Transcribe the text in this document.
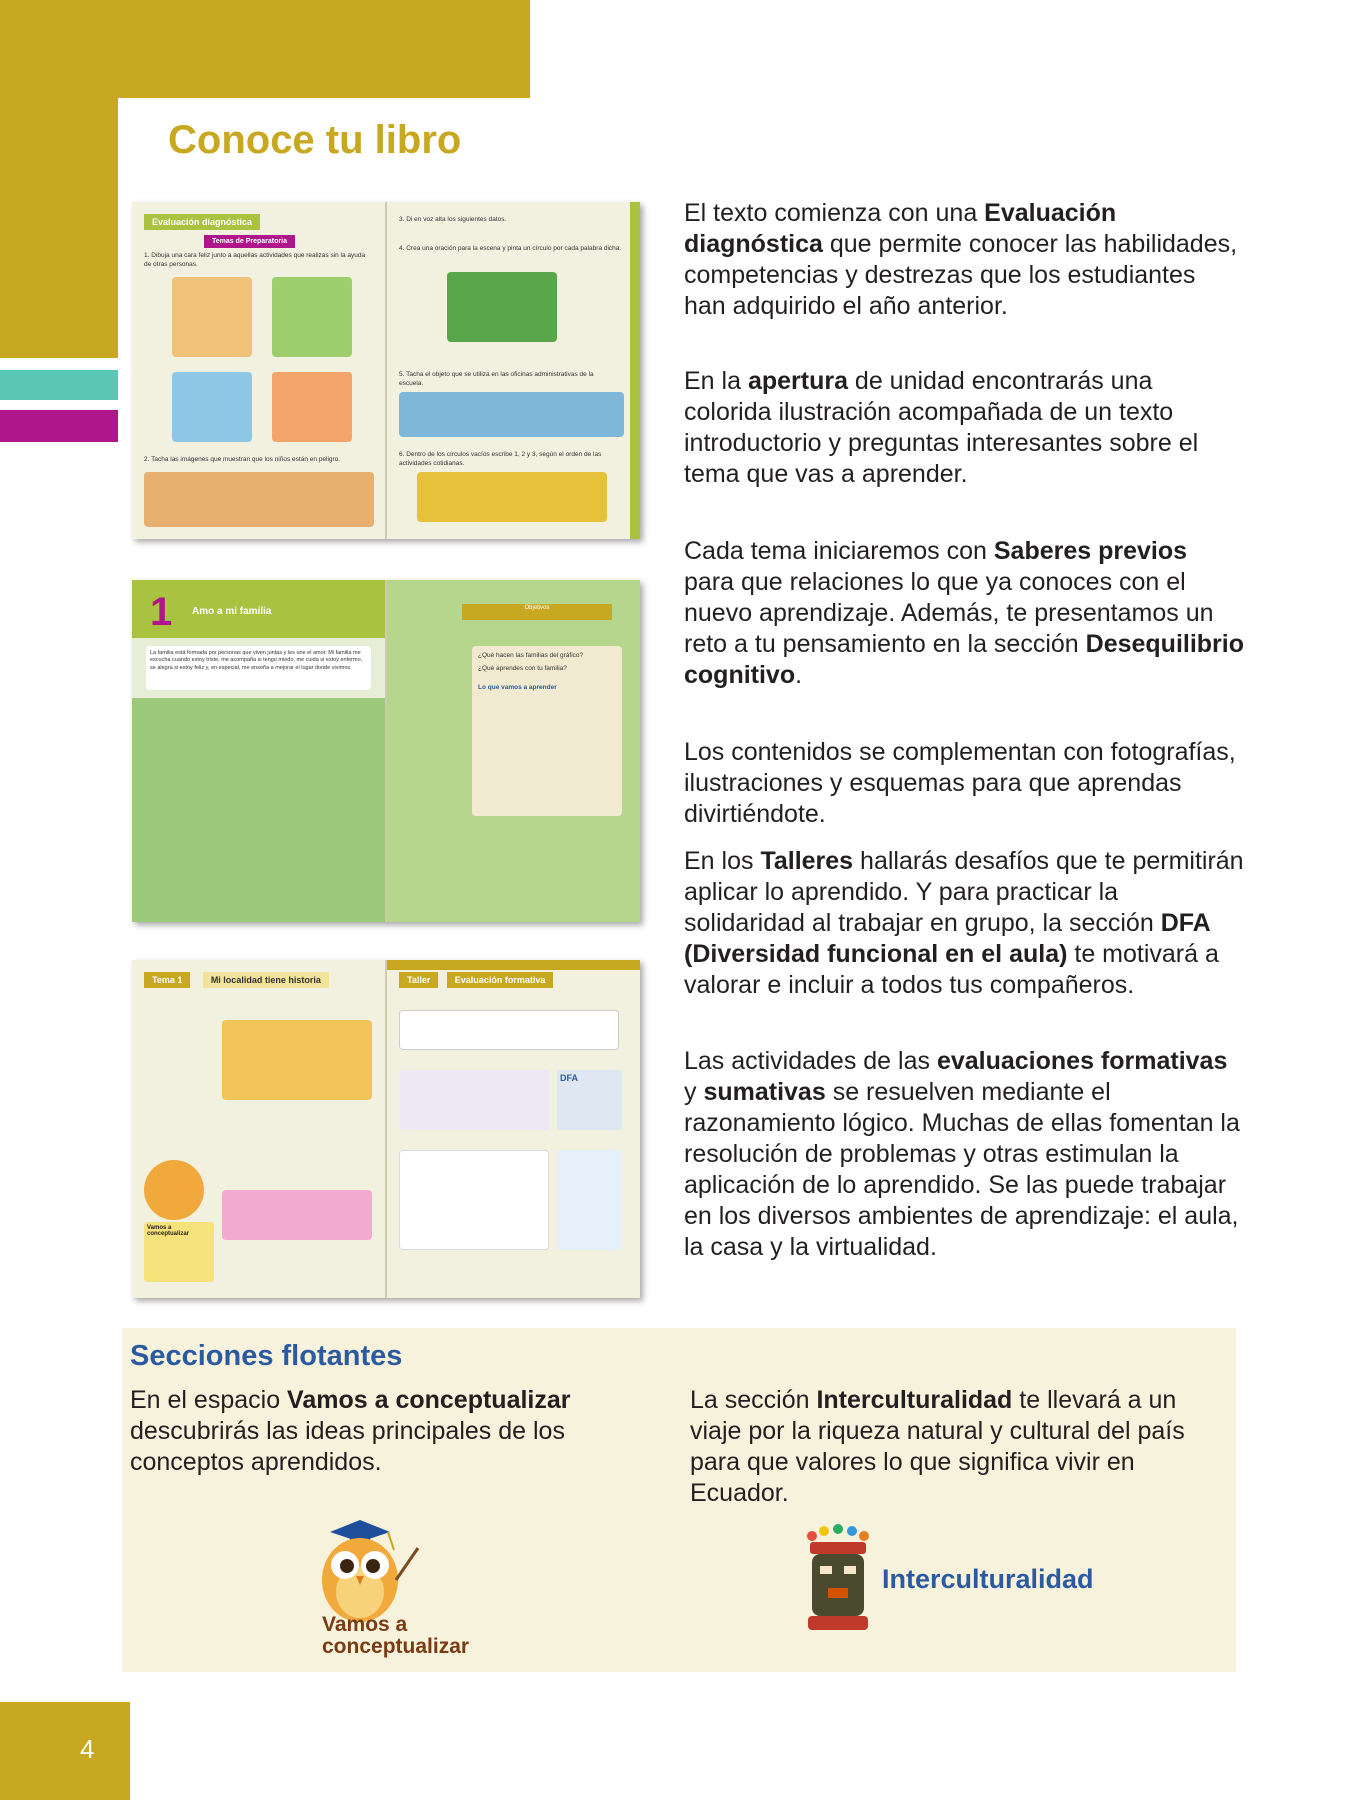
4
Conoce tu libro
Evaluación diagnóstica Temas de Preparatoria

1. Dibuja una cara feliz junto a aquellas actividades que realizas sin la ayuda de otras personas.

2. Tacha las imágenes que muestran que los niños están en peligro.

3. Di en voz alta los siguientes datos.

4. Crea una oración para la escena y pinta un círculo por cada palabra dicha.

5. Tacha el objeto que se utiliza en las oficinas administrativas de la escuela.

6. Dentro de los círculos vacíos escribe 1, 2 y 3, según el orden de las actividades cotidianas.

1 Amo a mi familia

La familia está formada por personas que viven juntas y les une el amor. Mi familia me escucha cuando estoy triste, me acompaña si tengo miedo, me cuida si estoy enfermo, se alegra si estoy feliz y, en especial, me enseña a mejorar el lugar donde vivimos.

Objetivos

¿Qué hacen las familias del gráfico?

¿Qué aprendes con tu familia?

Lo que vamos a aprender

Tema 1	Mi localidad tiene historia
Vamos a conceptualizar
Taller	Evaluación formativa
DFA

El texto comienza con una Evaluación diagnóstica que permite conocer las habilidades, competencias y destrezas que los estudiantes han adquirido el año anterior.

En la apertura de unidad encontrarás una colorida ilustración acompañada de un texto introductorio y preguntas interesantes sobre el tema que vas a aprender.

Cada tema iniciaremos con Saberes previos para que relaciones lo que ya conoces con el nuevo aprendizaje. Además, te presentamos un reto a tu pensamiento en la sección Desequilibrio cognitivo.

Los contenidos se complementan con fotografías, ilustraciones y esquemas para que aprendas divirtiéndote.

En los Talleres hallarás desafíos que te permitirán aplicar lo aprendido. Y para practicar la solidaridad al trabajar en grupo, la sección DFA (Diversidad funcional en el aula) te motivará a valorar e incluir a todos tus compañeros.

Las actividades de las evaluaciones formativas y sumativas se resuelven mediante el razonamiento lógico. Muchas de ellas fomentan la resolución de problemas y otras estimulan la aplicación de lo aprendido. Se las puede trabajar en los diversos ambientes de aprendizaje: el aula, la casa y la virtualidad.

Secciones flotantes

En el espacio Vamos a conceptualizar descubrirás las ideas principales de los conceptos aprendidos.

La sección Interculturalidad te llevará a un viaje por la riqueza natural y cultural del país para que valores lo que significa vivir en Ecuador.

Vamos a
conceptualizar
Interculturalidad
